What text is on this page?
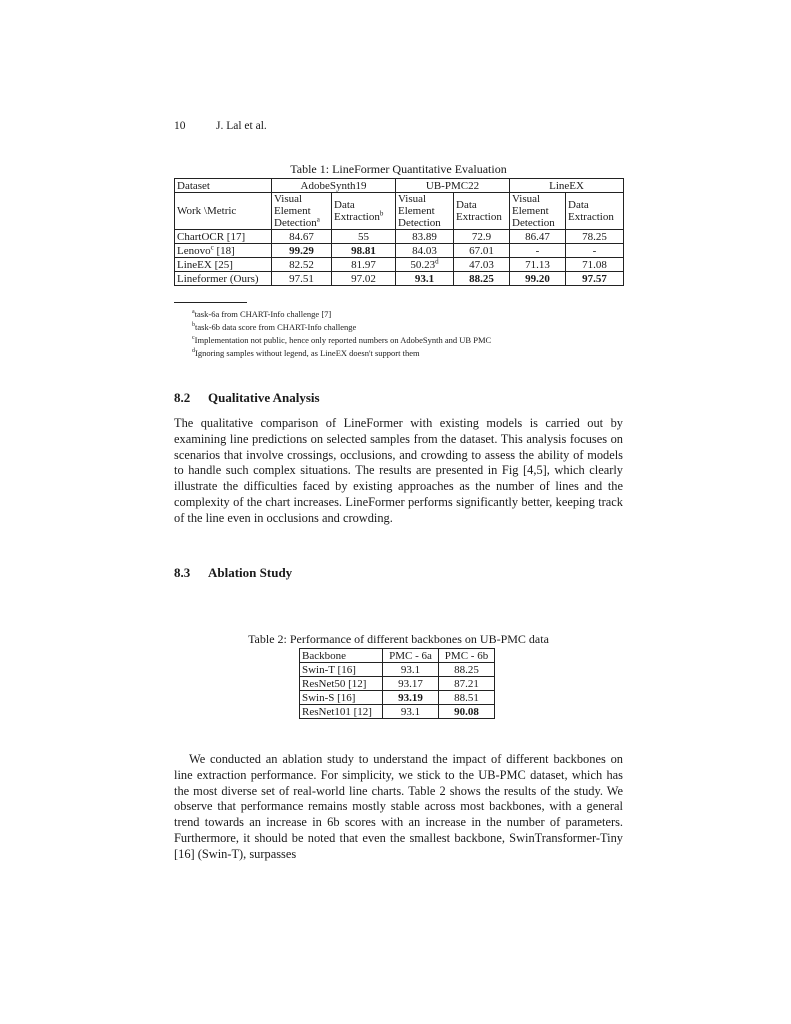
10	J. Lal et al.
Table 1: LineFormer Quantitative Evaluation
Dataset	AdobeSynth19		UB-PMC22		LineEX	
Work \Metric	Visual
Element
Detection$^a$	Data
Extraction$^b$	Visual
Element
Detection	Data
Extraction	Visual
Element
Detection	Data
Extraction
ChartOCR [17]	84.67	55	83.89	72.9	86.47	78.25
Lenovo$^c$ [18]	99.29	98.81	84.03	67.01	-	-
LineEX [25]	82.52	81.97	50.23$^d$	47.03	71.13	71.08
Lineformer (Ours)	97.51	97.02	93.1	88.25	99.20	97.57
$^a$task-6a from CHART-Info challenge [7]
$^b$task-6b data score from CHART-Info challenge
$^c$Implementation not public, hence only reported numbers on AdobeSynth and UB PMC
$^d$Ignoring samples without legend, as LineEX doesn't support them
8.2 Qualitative Analysis
The qualitative comparison of LineFormer with existing models is carried out by examining line predictions on selected samples from the dataset. This analysis focuses on scenarios that involve crossings, occlusions, and crowding to assess the ability of models to handle such complex situations. The results are presented in Fig [4,5], which clearly illustrate the difficulties faced by existing approaches as the number of lines and the complexity of the chart increases. LineFormer performs significantly better, keeping track of the line even in occlusions and crowding.
8.3 Ablation Study
Table 2: Performance of different backbones on UB-PMC data
Backbone	PMC - 6a	PMC - 6b
Swin-T [16]	93.1	88.25
ResNet50 [12]	93.17	87.21
Swin-S [16]	93.19	88.51
ResNet101 [12]	93.1	90.08
We conducted an ablation study to understand the impact of different backbones on line extraction performance. For simplicity, we stick to the UB-PMC dataset, which has the most diverse set of real-world line charts. Table 2 shows the results of the study. We observe that performance remains mostly stable across most backbones, with a general trend towards an increase in 6b scores with an increase in the number of parameters. Furthermore, it should be noted that even the smallest backbone, SwinTransformer-Tiny [16] (Swin-T), surpasses
